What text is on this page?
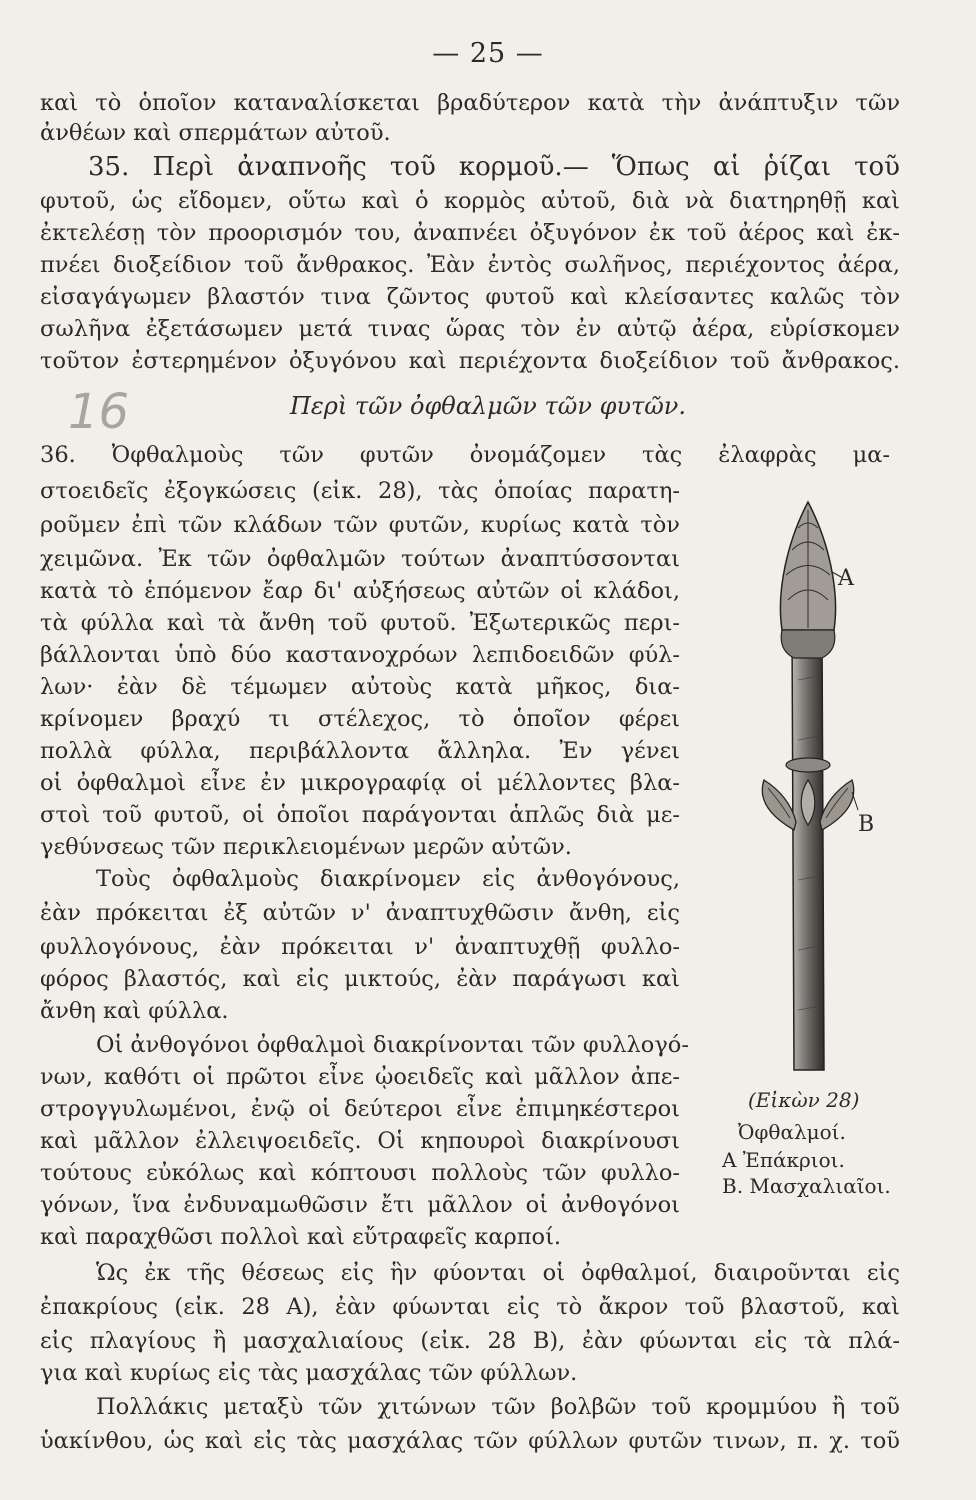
— 25 —
καὶ τὸ ὁποῖον καταναλίσκεται βραδύτερον κατὰ τὴν ἀνάπτυξιν τῶν
ἀνθέων καὶ σπερμάτων αὐτοῦ.
35. Περὶ ἀναπνοῆς τοῦ κορμοῦ.— Ὅπως αἱ ῥίζαι τοῦ
φυτοῦ, ὡς εἴδομεν, οὕτω καὶ ὁ κορμὸς αὐτοῦ, διὰ νὰ διατηρηθῇ καὶ
ἐκτελέσῃ τὸν προορισμόν του, ἀναπνέει ὀξυγόνον ἐκ τοῦ ἀέρος καὶ ἐκ-
πνέει διοξείδιον τοῦ ἄνθρακος. Ἐὰν ἐντὸς σωλῆνος, περιέχοντος ἀέρα,
εἰσαγάγωμεν βλαστόν τινα ζῶντος φυτοῦ καὶ κλείσαντες καλῶς τὸν
σωλῆνα ἐξετάσωμεν μετά τινας ὥρας τὸν ἐν αὐτῷ ἀέρα, εὑρίσκομεν
τοῦτον ἐστερημένον ὀξυγόνου καὶ περιέχοντα διοξείδιον τοῦ ἄνθρακος.
16	Περὶ τῶν ὀφθαλμῶν τῶν φυτῶν.
36. Ὀφθαλμοὺς τῶν φυτῶν ὀνομάζομεν τὰς ἐλαφρὰς μα-
στοειδεῖς ἐξογκώσεις (εἰκ. 28), τὰς ὁποίας παρατη-
ροῦμεν ἐπὶ τῶν κλάδων τῶν φυτῶν, κυρίως κατὰ τὸν
χειμῶνα. Ἐκ τῶν ὀφθαλμῶν τούτων ἀναπτύσσονται
κατὰ τὸ ἑπόμενον ἔαρ δι' αὐξήσεως αὐτῶν οἱ κλάδοι,
τὰ φύλλα καὶ τὰ ἄνθη τοῦ φυτοῦ. Ἐξωτερικῶς περι-
βάλλονται ὑπὸ δύο καστανοχρόων λεπιδοειδῶν φύλ-
λων· ἐὰν δὲ τέμωμεν αὐτοὺς κατὰ μῆκος, δια-
κρίνομεν βραχύ τι στέλεχος, τὸ ὁποῖον φέρει
πολλὰ φύλλα, περιβάλλοντα ἄλληλα. Ἐν γένει
οἱ ὀφθαλμοὶ εἶνε ἐν μικρογραφίᾳ οἱ μέλλοντες βλα-
στοὶ τοῦ φυτοῦ, οἱ ὁποῖοι παράγονται ἁπλῶς διὰ με-
γεθύνσεως τῶν περικλειομένων μερῶν αὐτῶν.
Τοὺς ὀφθαλμοὺς διακρίνομεν εἰς ἀνθογόνους,
ἐὰν πρόκειται ἐξ αὐτῶν ν' ἀναπτυχθῶσιν ἄνθη, εἰς
φυλλογόνους, ἐὰν πρόκειται ν' ἀναπτυχθῇ φυλλο-
φόρος βλαστός, καὶ εἰς μικτούς, ἐὰν παράγωσι καὶ
ἄνθη καὶ φύλλα.
Οἱ ἀνθογόνοι ὀφθαλμοὶ διακρίνονται τῶν φυλλογό-
νων, καθότι οἱ πρῶτοι εἶνε ᾠοειδεῖς καὶ μᾶλλον ἀπε-
στρογγυλωμένοι, ἐνῷ οἱ δεύτεροι εἶνε ἐπιμηκέστεροι
καὶ μᾶλλον ἐλλειψοειδεῖς. Οἱ κηπουροὶ διακρίνουσι
τούτους εὐκόλως καὶ κόπτουσι πολλοὺς τῶν φυλλο-
γόνων, ἵνα ἐνδυναμωθῶσιν ἔτι μᾶλλον οἱ ἀνθογόνοι
καὶ παραχθῶσι πολλοὶ καὶ εὔτραφεῖς καρποί.
Ὡς ἐκ τῆς θέσεως εἰς ἣν φύονται οἱ ὀφθαλμοί, διαιροῦνται εἰς
ἐπακρίους (εἰκ. 28 Α), ἐὰν φύωνται εἰς τὸ ἄκρον τοῦ βλαστοῦ, καὶ
εἰς πλαγίους ἢ μασχαλιαίους (εἰκ. 28 Β), ἐὰν φύωνται εἰς τὰ πλά-
για καὶ κυρίως εἰς τὰς μασχάλας τῶν φύλλων.
Πολλάκις μεταξὺ τῶν χιτώνων τῶν βολβῶν τοῦ κρομμύου ἢ τοῦ
ὑακίνθου, ὡς καὶ εἰς τὰς μασχάλας τῶν φύλλων φυτῶν τινων, π. χ. τοῦ
A
B
(Εἰκὼν 28)
Ὀφθαλμοί.
Α Ἐπάκριοι.
Β. Μασχαλιαῖοι.
